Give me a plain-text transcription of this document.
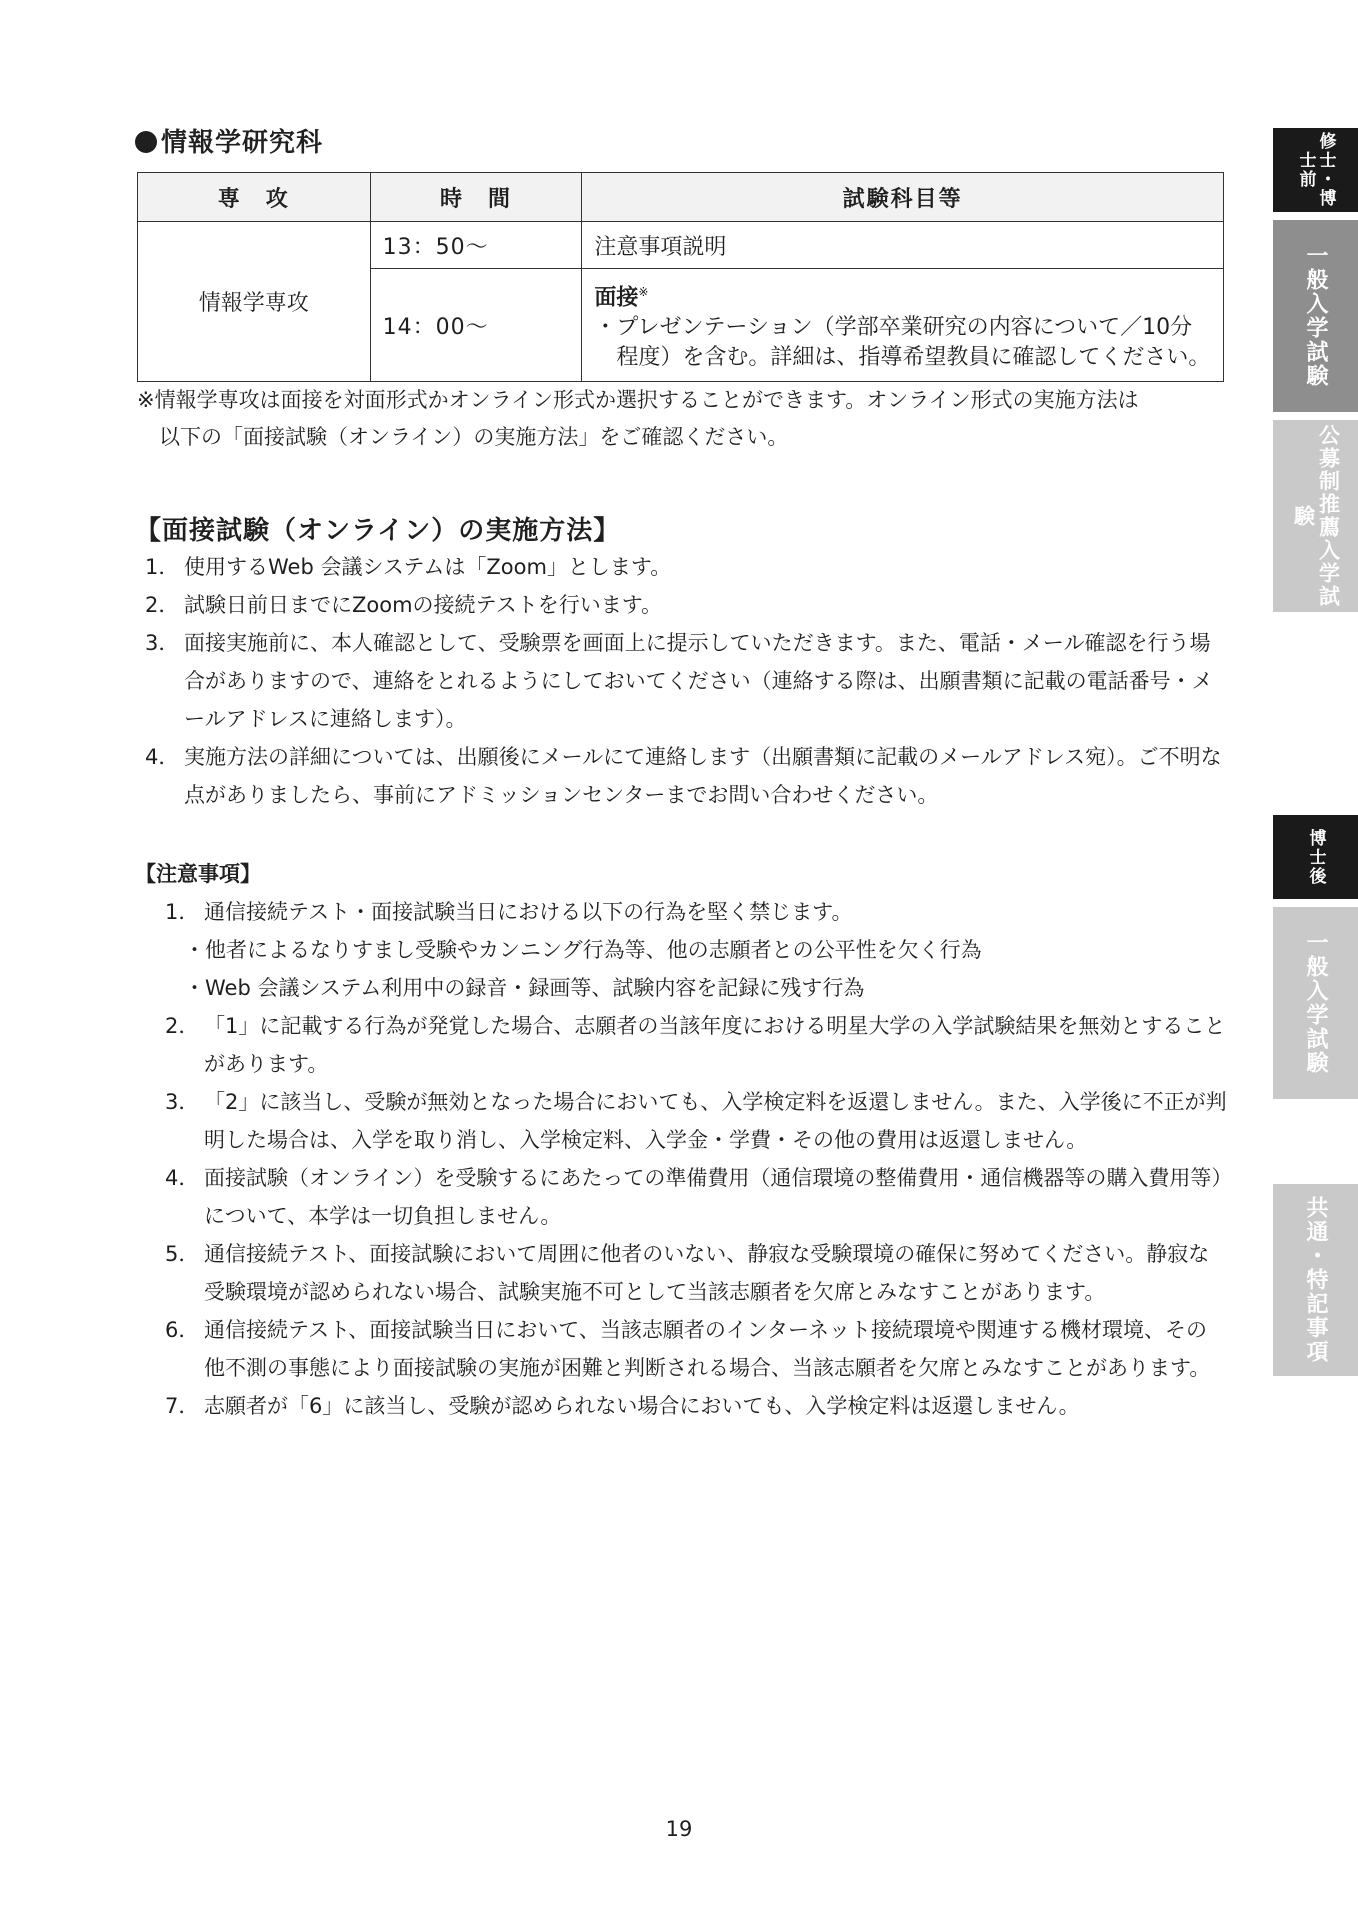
情報学研究科
専　攻	時　間	試験科目等
情報学専攻	13：50〜	注意事項説明
	14：00〜	面接※
・プレゼンテーション（学部卒業研究の内容について／10分程度）を含む。詳細は、指導希望教員に確認してください。
※情報学専攻は面接を対面形式かオンライン形式か選択することができます。オンライン形式の実施方法は
以下の「面接試験（オンライン）の実施方法」をご確認ください。
【面接試験（オンライン）の実施方法】
1． 使用するWeb 会議システムは「Zoom」とします。
2． 試験日前日までにZoomの接続テストを行います。
3． 面接実施前に、本人確認として、受験票を画面上に提示していただきます。また、電話・メール確認を行う場合がありますので、連絡をとれるようにしておいてください（連絡する際は、出願書類に記載の電話番号・メールアドレスに連絡します）。
4． 実施方法の詳細については、出願後にメールにて連絡します（出願書類に記載のメールアドレス宛）。ご不明な点がありましたら、事前にアドミッションセンターまでお問い合わせください。
【注意事項】
1． 通信接続テスト・面接試験当日における以下の行為を堅く禁じます。
・他者によるなりすまし受験やカンニング行為等、他の志願者との公平性を欠く行為
・Web 会議システム利用中の録音・録画等、試験内容を記録に残す行為
2． 「1」に記載する行為が発覚した場合、志願者の当該年度における明星大学の入学試験結果を無効とすることがあります。
3． 「2」に該当し、受験が無効となった場合においても、入学検定料を返還しません。また、入学後に不正が判明した場合は、入学を取り消し、入学検定料、入学金・学費・その他の費用は返還しません。
4． 面接試験（オンライン）を受験するにあたっての準備費用（通信環境の整備費用・通信機器等の購入費用等）について、本学は一切負担しません。
5． 通信接続テスト、面接試験において周囲に他者のいない、静寂な受験環境の確保に努めてください。静寂な受験環境が認められない場合、試験実施不可として当該志願者を欠席とみなすことがあります。
6． 通信接続テスト、面接試験当日において、当該志願者のインターネット接続環境や関連する機材環境、その他不測の事態により面接試験の実施が困難と判断される場合、当該志願者を欠席とみなすことがあります。
7． 志願者が「6」に該当し、受験が認められない場合においても、入学検定料は返還しません。
19
修士・博士前
一般入学試験
公募制推薦入学試験
博士後
一般入学試験
共通・特記事項
